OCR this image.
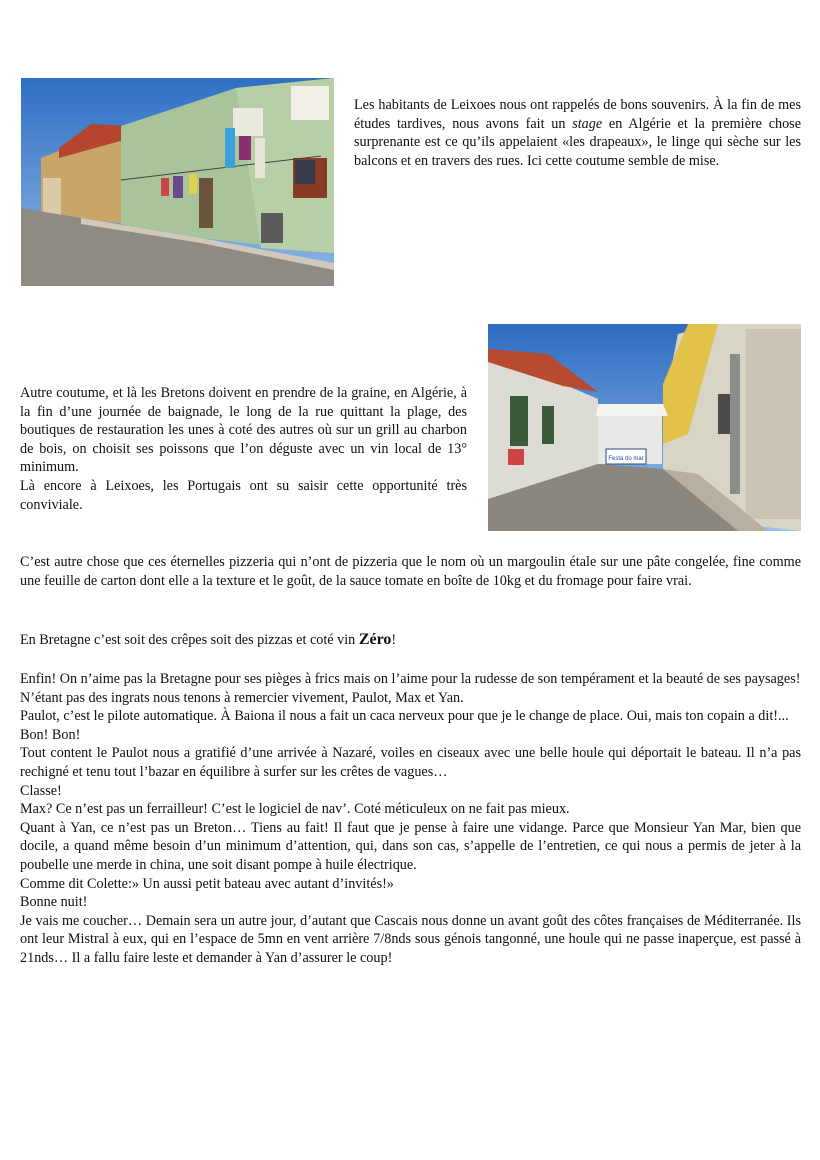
Les habitants de Leixoes nous ont rappelés de bons souvenirs. À la fin de mes études tardives, nous avons fait un stage en Algérie et la première chose surprenante est ce qu’ils appelaient «les drapeaux», le linge qui sèche sur les balcons et en travers des rues. Ici cette coutume semble de mise.

Festa do mar

Autre coutume, et là les Bretons doivent en prendre de la graine, en Algérie, à la fin d’une journée de baignade, le long de la rue quittant la plage, des boutiques de restauration les unes à coté des autres où sur un grill au charbon de bois, on choisit ses poissons que l’on déguste avec un vin local de 13° minimum.
Là encore à Leixoes, les Portugais ont su saisir cette opportunité très conviviale.

C’est autre chose que ces éternelles pizzeria qui n’ont de pizzeria que le nom où un margoulin étale sur une pâte congelée, fine comme une feuille de carton dont elle a la texture et le goût, de la sauce tomate en boîte de 10kg et du fromage pour faire vrai.

En Bretagne c’est soit des crêpes soit des pizzas et coté vin Zéro!

Enfin! On n’aime pas la Bretagne pour ses pièges à frics mais on l’aime pour la rudesse de son tempérament et la beauté de ses paysages!
N’étant pas des ingrats nous tenons à remercier vivement, Paulot, Max et Yan.
Paulot, c’est le pilote automatique. À Baiona il nous a fait un caca nerveux pour que je le change de place. Oui, mais ton copain a dit!...
Bon! Bon!
Tout content le Paulot nous a gratifié d’une arrivée à Nazaré, voiles en ciseaux avec une belle houle qui déportait le bateau. Il n’a pas rechigné et tenu tout l’bazar en équilibre à surfer sur les crêtes de vagues…
Classe!
Max? Ce n’est pas un ferrailleur! C’est le logiciel de nav’. Coté méticuleux on ne fait pas mieux.
Quant à Yan, ce n’est pas un Breton… Tiens au fait! Il faut que je pense à faire une vidange. Parce que Monsieur Yan Mar, bien que docile, a quand même besoin d’un minimum d’attention, qui, dans son cas, s’appelle de l’entretien, ce qui nous a permis de jeter à la poubelle une merde in china, une soit disant pompe à huile électrique.
Comme dit Colette:» Un aussi petit bateau avec autant d’invités!»
Bonne nuit!
Je vais me coucher… Demain sera un autre jour, d’autant que Cascais nous donne un avant goût des côtes françaises de Méditerranée. Ils ont leur Mistral à eux, qui en l’espace de 5mn en vent arrière 7/8nds sous génois tangonné, une houle qui ne passe inaperçue, est passé à 21nds… Il a fallu faire leste et demander à Yan d’assurer le coup!
